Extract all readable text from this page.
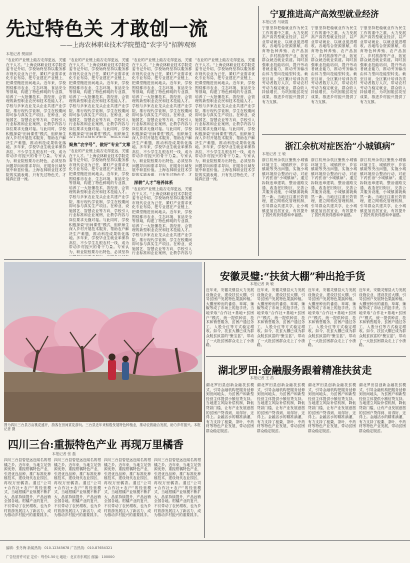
先过特色关 才敢创一流
——上海农林职业技术学院塑造“农字号”招牌观察
本报记者 樊丽萍
“农业的产业链上能否走得更远，关键在于人才。”上海农林职业技术学院党委书记介绍，学校始终坚持以服务都市现代农业为己任，紧盯产业需求优化专业布局，把专业建在产业链上，把课堂搬进田间地头。近年来，学校围绕都市农业、生态环境、食品安全等领域，构建了特色鲜明的专业群，培养了一大批懂技术、善经营、会管理的新型职业农民和技术技能人才。学校与多家农业龙头企业共建产业学院，推行现代学徒制，学生在校期间即可参与真实生产项目。在种业、设施园艺、智慧农业等方向，学校引入行业标准和企业案例，让教学内容与岗位要求无缝对接。与此同时，学校积极探索“田间课堂”模式，组织师生深入乡村开展技术服务，帮助农户解决生产难题，推动科技成果转化落地。多年来，学校毕业生就业率保持高位，不少学生扎根农村一线，成为带动乡村振兴的骨干力量。专家认为，职业院校要办出特色，必须坚持问题导向和需求导向，在服务区域发展中彰显价值。上海农林职业技术学院的实践表明，只有先过特色关，才能真正创一流。
“农业的产业链上能否走得更远，关键在于人才。”上海农林职业技术学院党委书记介绍，学校始终坚持以服务都市现代农业为己任，紧盯产业需求优化专业布局，把专业建在产业链上，把课堂搬进田间地头。近年来，学校围绕都市农业、生态环境、食品安全等领域，构建了特色鲜明的专业群，培养了一大批懂技术、善经营、会管理的新型职业农民和技术技能人才。学校与多家农业龙头企业共建产业学院，推行现代学徒制，学生在校期间即可参与真实生产项目。在种业、设施园艺、智慧农业等方向，学校引入行业标准和企业案例，让教学内容与岗位要求无缝对接。与此同时，学校积极探索“田间课堂”模式，组织师生
聚焦“农字号”，做好“专业”文章
“农业的产业链上能否走得更远，关键在于人才。”上海农林职业技术学院党委书记介绍，学校始终坚持以服务都市现代农业为己任，紧盯产业需求优化专业布局，把专业建在产业链上，把课堂搬进田间地头。近年来，学校围绕都市农业、生态环境、食品安全等领域，构建了特色鲜明的专业群，培养了一大批懂技术、善经营、会管理的新型职业农民和技术技能人才。学校与多家农业龙头企业共建产业学院，推行现代学徒制，学生在校期间即可参与真实生产项目。在种业、设施园艺、智慧农业等方向，学校引入行业标准和企业案例，让教学内容与岗位要求无缝对接。与此同时，学校积极探索“田间课堂”模式，组织师生深入乡村开展技术服务，帮助农户解决生产难题，推动科技成果转化落地。多年来，学校毕业生就业率保持高位，不少学生扎根农村一线，成为带动乡村振兴的骨干力量。专家认为，职业院校要办出特色，必须坚持
“农业的产业链上能否走得更远，关键在于人才。”上海农林职业技术学院党委书记介绍，学校始终坚持以服务都市现代农业为己任，紧盯产业需求优化专业布局，把专业建在产业链上，把课堂搬进田间地头。近年来，学校围绕都市农业、生态环境、食品安全等领域，构建了特色鲜明的专业群，培养了一大批懂技术、善经营、会管理的新型职业农民和技术技能人才。学校与多家农业龙头企业共建产业学院，推行现代学徒制，学生在校期间即可参与真实生产项目。在种业、设施园艺、智慧农业等方向，学校引入行业标准和企业案例，让教学内容与岗位要求无缝对接。与此同时，学校积极探索“田间课堂”模式，组织师生深入乡村开展技术服务，帮助农户解决生产难题，推动科技成果转化落地。多年来，学校毕业生就业率保持高位，不少学生扎根农村一线，成为带动乡村振兴的骨干力量。专家认为，职业院校要办出特色，必须坚持问题导向和需求导向，在服务区域发展中彰显价值。上海农林职业技术学院的实践表明，只有先过特色关，才
深耕“人才”培养体系
“农业的产业链上能否走得更远，关键在于人才。”上海农林职业技术学院党委书记介绍，学校始终坚持以服务都市现代农业为己任，紧盯产业需求优化专业布局，把专业建在产业链上，把课堂搬进田间地头。近年来，学校围绕都市农业、生态环境、食品安全等领域，构建了特色鲜明的专业群，培养了一大批懂技术、善经营、会管理的新型职业农民和技术技能人才。学校与多家农业龙头企业共建产业学院，推行现代学徒制，学生在校期间即可参与真实生产项目。在种业、设施园艺、智慧农业等方向，学校引入行业标准和企业案例，让教学内容与
“农业的产业链上能否走得更远，关键在于人才。”上海农林职业技术学院党委书记介绍，学校始终坚持以服务都市现代农业为己任，紧盯产业需求优化专业布局，把专业建在产业链上，把课堂搬进田间地头。近年来，学校围绕都市农业、生态环境、食品安全等领域，构建了特色鲜明的专业群，培养了一大批懂技术、善经营、会管理的新型职业农民和技术技能人才。学校与多家农业龙头企业共建产业学院，推行现代学徒制，学生在校期间即可参与真实生产项目。在种业、设施园艺、智慧农业等方向，学校引入行业标准和企业案例，让教学内容与岗位要求无缝对接。与此同时，学校积极探索“田间课堂”模式，组织师生深入乡村开展技术服务，帮助农户解决生产难题，推动科技成果转化落地。多年来，学校毕业生就业率保持高位，不少学生扎根农村一线，成为带动乡村振兴的骨干力量。专家认为，职业院校要办出特色，必须坚持问题导向和需求导向，在服务区域发展中彰显价值。上海农林职业技术学院的实践表明，只有先过特色关，才能真正创一流。
宁夏推进高产高效型就业经济
本报记者 马晓霞
宁夏坚持把稳就业作为民生工作的重中之重，大力发展高产高效型就业经济，以产业带动就业、以就业促进增收。各地结合资源禀赋，培育特色种养殖、农产品加工、乡村旅游等产业，拓宽群众就近就业渠道。同时加强职业技能培训，提升劳动者就业能力，推动劳务输出由体力型向技能型转变。截至目前，全区累计培训各类劳动者数万人次，带动农村劳动力稳定就业，群众收入持续增长，为巩固脱贫攻坚成果、推进乡村振兴提供了有力支撑。
宁夏坚持把稳就业作为民生工作的重中之重，大力发展高产高效型就业经济，以产业带动就业、以就业促进增收。各地结合资源禀赋，培育特色种养殖、农产品加工、乡村旅游等产业，拓宽群众就近就业渠道。同时加强职业技能培训，提升劳动者就业能力，推动劳务输出由体力型向技能型转变。截至目前，全区累计培训各类劳动者数万人次，带动农村劳动力稳定就业，群众收入持续增长，为巩固脱贫攻坚成果、推进乡村振兴提供了有力支撑。
宁夏坚持把稳就业作为民生工作的重中之重，大力发展高产高效型就业经济，以产业带动就业、以就业促进增收。各地结合资源禀赋，培育特色种养殖、农产品加工、乡村旅游等产业，拓宽群众就近就业渠道。同时加强职业技能培训，提升劳动者就业能力，推动劳务输出由体力型向技能型转变。截至目前，全区累计培训各类劳动者数万人次，带动农村劳动力稳定就业，群众收入持续增长，为巩固脱贫攻坚成果、推进乡村振兴提供了有力支撑。
浙江余杭对症医治“小城镇病”
本报记者 王 敏
浙江杭州余杭区聚焦小城镇环境卫生、城镇秩序、乡容镇貌等突出问题，实施小城镇环境综合整治行动，对症下药医治“小城镇病”。通过拆除违章建筑、整治道路交通、改造老旧街区、完善公共服务设施，小城镇面貌焕然一新。当地还注重长效管理，建立网格化管理机制，引导群众共建共享，让小城镇更加宜居宜业，有效提升了居民的获得感和幸福感。
浙江杭州余杭区聚焦小城镇环境卫生、城镇秩序、乡容镇貌等突出问题，实施小城镇环境综合整治行动，对症下药医治“小城镇病”。通过拆除违章建筑、整治道路交通、改造老旧街区、完善公共服务设施，小城镇面貌焕然一新。当地还注重长效管理，建立网格化管理机制，引导群众共建共享，让小城镇更加宜居宜业，有效提升了居民的获得感和幸福感。
浙江杭州余杭区聚焦小城镇环境卫生、城镇秩序、乡容镇貌等突出问题，实施小城镇环境综合整治行动，对症下药医治“小城镇病”。通过拆除违章建筑、整治道路交通、改造老旧街区、完善公共服务设施，小城镇面貌焕然一新。当地还注重长效管理，建立网格化管理机制，引导群众共建共享，让小城镇更加宜居宜业，有效提升了居民的获得感和幸福感。
图为四川三台县万亩桃花盛开，游客在田间赏花游玩。三台县近年来积极发展特色种植业，推动农旅融合发展，助力乡村振兴。本报记者 摄
安徽灵璧:“扶贫大棚”种出抢手货
本报记者 黄 敏
近年来，安徽灵璧县大力发展设施农业，建设扶贫大棚，引导贫困户发展特色果蔬种植。大棚里种出的番茄、草莓、辣椒等成了市场上的抢手货。当地采取“合作社+基地+贫困户”模式，统一提供种苗、技术和销售服务，贫困户通过务工、入股分红等方式稳定增收。如今，扶贫大棚已成为群众脱贫致富的“聚宝盆”，带动了一大批贫困群众走上了小康路。
近年来，安徽灵璧县大力发展设施农业，建设扶贫大棚，引导贫困户发展特色果蔬种植。大棚里种出的番茄、草莓、辣椒等成了市场上的抢手货。当地采取“合作社+基地+贫困户”模式，统一提供种苗、技术和销售服务，贫困户通过务工、入股分红等方式稳定增收。如今，扶贫大棚已成为群众脱贫致富的“聚宝盆”，带动了一大批贫困群众走上了小康路。
近年来，安徽灵璧县大力发展设施农业，建设扶贫大棚，引导贫困户发展特色果蔬种植。大棚里种出的番茄、草莓、辣椒等成了市场上的抢手货。当地采取“合作社+基地+贫困户”模式，统一提供种苗、技术和销售服务，贫困户通过务工、入股分红等方式稳定增收。如今，扶贫大棚已成为群众脱贫致富的“聚宝盆”，带动了一大批贫困群众走上了小康路。
近年来，安徽灵璧县大力发展设施农业，建设扶贫大棚，引导贫困户发展特色果蔬种植。大棚里种出的番茄、草莓、辣椒等成了市场上的抢手货。当地采取“合作社+基地+贫困户”模式，统一提供种苗、技术和销售服务，贫困户通过务工、入股分红等方式稳定增收。如今，扶贫大棚已成为群众脱贫致富的“聚宝盆”，带动了一大批贫困群众走上了小康路。
湖北罗田:金融服务跟着精准扶贫走
本报记者 王 浩
湖北罗田县创新金融扶贫模式，引导金融机构把服务延伸到田间地头，为贫困户和新型经营主体提供小额信贷支持。当地建立风险补偿机制，降低贷款门槛，让有产业发展意愿的贫困户贷得到、用得好、还得上。金融活水的精准滴灌，有力支持了板栗、茶叶、中药材等特色产业发展，带动贫困群众稳定脱贫。
湖北罗田县创新金融扶贫模式，引导金融机构把服务延伸到田间地头，为贫困户和新型经营主体提供小额信贷支持。当地建立风险补偿机制，降低贷款门槛，让有产业发展意愿的贫困户贷得到、用得好、还得上。金融活水的精准滴灌，有力支持了板栗、茶叶、中药材等特色产业发展，带动贫困群众稳定脱贫。
湖北罗田县创新金融扶贫模式，引导金融机构把服务延伸到田间地头，为贫困户和新型经营主体提供小额信贷支持。当地建立风险补偿机制，降低贷款门槛，让有产业发展意愿的贫困户贷得到、用得好、还得上。金融活水的精准滴灌，有力支持了板栗、茶叶、中药材等特色产业发展，带动贫困群众稳定脱贫。
湖北罗田县创新金融扶贫模式，引导金融机构把服务延伸到田间地头，为贫困户和新型经营主体提供小额信贷支持。当地建立风险补偿机制，降低贷款门槛，让有产业发展意愿的贫困户贷得到、用得好、还得上。金融活水的精准滴灌，有力支持了板栗、茶叶、中药材等特色产业发展，带动贫困群众稳定脱贫。
四川三台:重振特色产业 再现万里橘香
本报记者 张 磊
四川三台县曾是远近闻名的柑橘之乡。近年来，当地立足资源优势，重振柑橘特色产业，引进优良品种，推广标准化种植技术，建设现代农业园区，再现万里橘香。通过“公司+合作社+农户”的经营模式，当地柑橘产业规模不断扩大，品质持续提升，产品远销全国各地。柑橘产业的复兴，不仅带动了农民增收，也为乡村旅游发展注入了新活力，成为推动乡村振兴的重要抓手。
四川三台县曾是远近闻名的柑橘之乡。近年来，当地立足资源优势，重振柑橘特色产业，引进优良品种，推广标准化种植技术，建设现代农业园区，再现万里橘香。通过“公司+合作社+农户”的经营模式，当地柑橘产业规模不断扩大，品质持续提升，产品远销全国各地。柑橘产业的复兴，不仅带动了农民增收，也为乡村旅游发展注入了新活力，成为推动乡村振兴的重要抓手。
四川三台县曾是远近闻名的柑橘之乡。近年来，当地立足资源优势，重振柑橘特色产业，引进优良品种，推广标准化种植技术，建设现代农业园区，再现万里橘香。通过“公司+合作社+农户”的经营模式，当地柑橘产业规模不断扩大，品质持续提升，产品远销全国各地。柑橘产业的复兴，不仅带动了农民增收，也为乡村旅游发展注入了新活力，成为推动乡村振兴的重要抓手。
四川三台县曾是远近闻名的柑橘之乡。近年来，当地立足资源优势，重振柑橘特色产业，引进优良品种，推广标准化种植技术，建设现代农业园区，再现万里橘香。通过“公司+合作社+农户”的经营模式，当地柑橘产业规模不断扩大，品质持续提升，产品远销全国各地。柑橘产业的复兴，不仅带动了农民增收，也为乡村旅游发展注入了新活力，成为推动乡村振兴的重要抓手。
编辑：张冬梅 新闻热线：010-12345678 广告热线：010-87654321
广告经营许可证 定价：每份1.50元 地址：北京市东城区 邮编：100000
